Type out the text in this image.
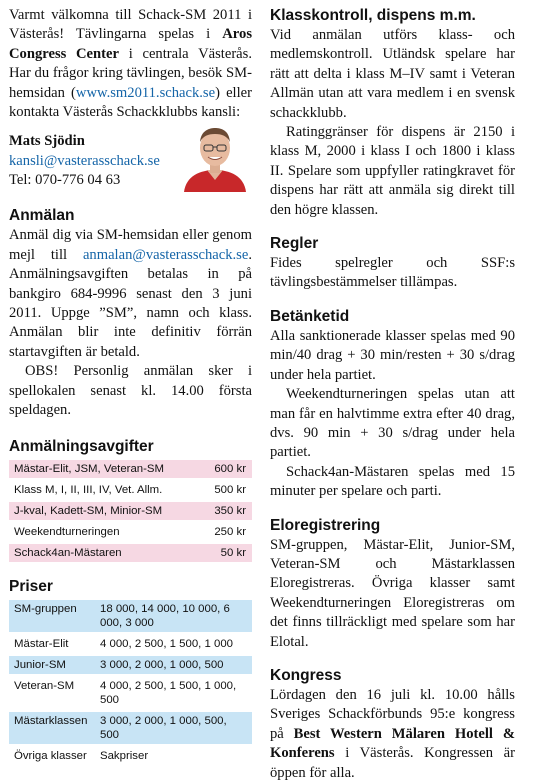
Varmt välkomna till Schack-SM 2011 i Västerås! Tävlingarna spelas i Aros Congress Center i centrala Västerås. Har du frågor kring tävlingen, besök SM-hemsidan (www.sm2011.schack.se) eller kontakta Västerås Schackklubbs kansli:

Mats Sjödin
kansli@vasterasschack.se
Tel: 070-776 04 63
Anmälan

Anmäl dig via SM-hemsidan eller genom mejl till anmalan@vasterasschack.se. Anmälningsavgiften betalas in på bankgiro 684-9996 senast den 3 juni 2011. Uppge ”SM”, namn och klass. Anmälan blir inte definitiv förrän startavgiften är betald.

OBS! Personlig anmälan sker i spellokalen senast kl. 14.00 första speldagen.

Anmälningsavgifter
Mästar-Elit, JSM, Veteran-SM	600 kr
Klass M, I, II, III, IV, Vet. Allm.	500 kr
J-kval, Kadett-SM, Minior-SM	350 kr
Weekendturneringen	250 kr
Schack4an-Mästaren	50 kr
Priser
SM-gruppen	18 000, 14 000, 10 000, 6 000, 3 000
Mästar-Elit	4 000, 2 500, 1 500, 1 000
Junior-SM	3 000, 2 000, 1 000, 500
Veteran-SM	4 000, 2 500, 1 500, 1 000, 500
Mästarklassen	3 000, 2 000, 1 000, 500, 500
Övriga klasser	Sakpriser
Klasskontroll, dispens m.m.

Vid anmälan utförs klass- och medlemskontroll. Utländsk spelare har rätt att delta i klass M–IV samt i Veteran Allmän utan att vara medlem i en svensk schackklubb.

Ratinggränser för dispens är 2150 i klass M, 2000 i klass I och 1800 i klass II. Spelare som uppfyller ratingkravet för dispens har rätt att anmäla sig direkt till den högre klassen.

Regler

Fides spelregler och SSF:s tävlingsbestämmelser tillämpas.

Betänketid

Alla sanktionerade klasser spelas med 90 min/40 drag + 30 min/resten + 30 s/drag under hela partiet.

Weekendturneringen spelas utan att man får en halvtimme extra efter 40 drag, dvs. 90 min + 30 s/drag under hela partiet.

Schack4an-Mästaren spelas med 15 minuter per spelare och parti.

Eloregistrering

SM-gruppen, Mästar-Elit, Junior-SM, Veteran-SM och Mästarklassen Eloregistreras. Övriga klasser samt Weekendturneringen Eloregistreras om det finns tillräckligt med spelare som har Elotal.

Kongress

Lördagen den 16 juli kl. 10.00 hålls Sveriges Schackförbunds 95:e kongress på Best Western Mälaren Hotell & Konferens i Västerås. Kongressen är öppen för alla.
